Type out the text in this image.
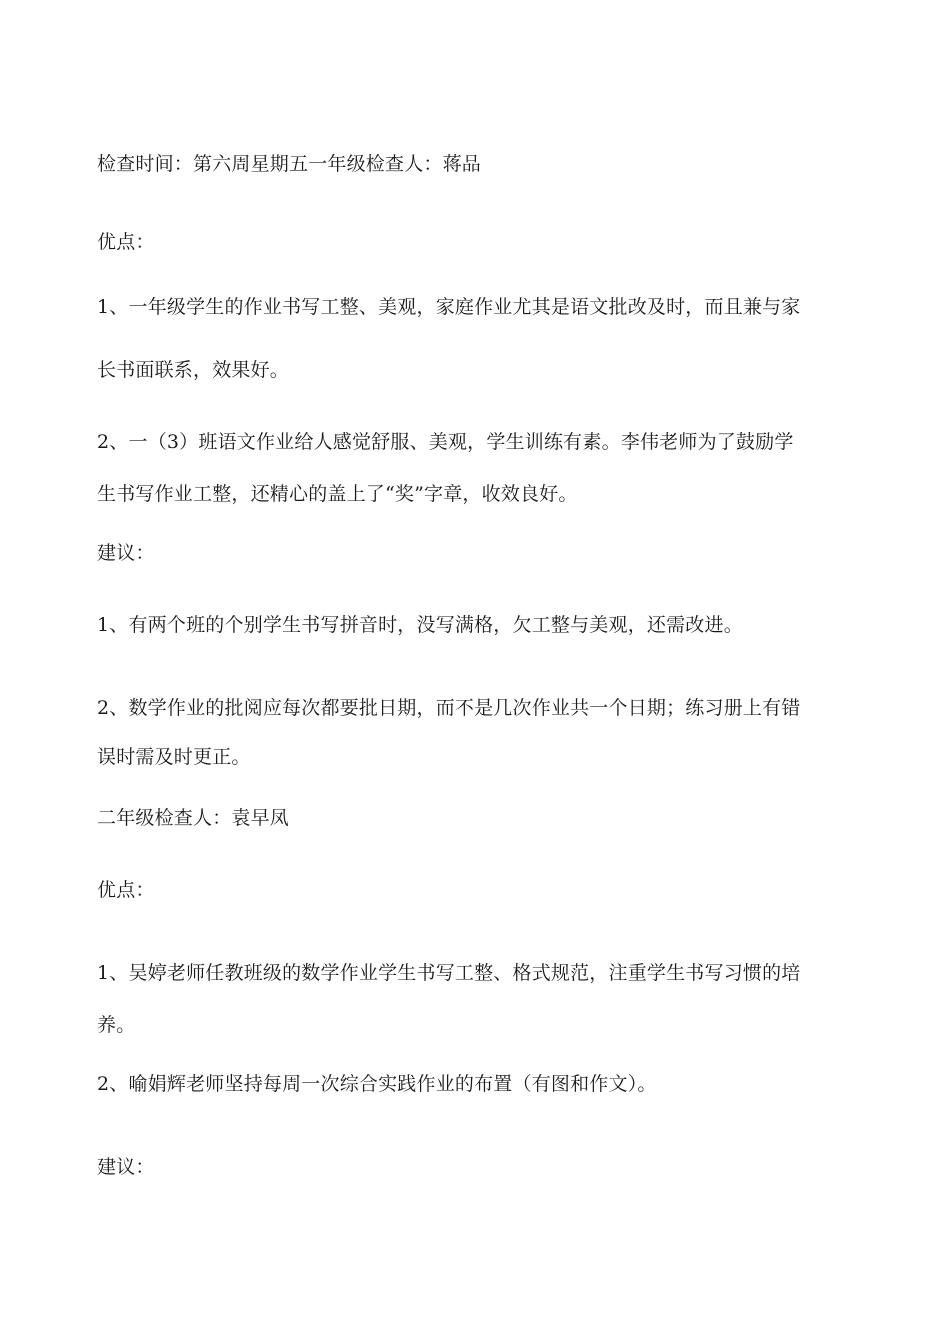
检查时间：第六周星期五一年级检查人：蒋品
优点：
1、一年级学生的作业书写工整、美观，家庭作业尤其是语文批改及时，而且兼与家
长书面联系，效果好。
2、一（3）班语文作业给人感觉舒服、美观，学生训练有素。李伟老师为了鼓励学
生书写作业工整，还精心的盖上了“奖”字章，收效良好。
建议：
1、有两个班的个别学生书写拼音时，没写满格，欠工整与美观，还需改进。
2、数学作业的批阅应每次都要批日期，而不是几次作业共一个日期；练习册上有错
误时需及时更正。
二年级检查人：袁早凤
优点：
1、吴婷老师任教班级的数学作业学生书写工整、格式规范，注重学生书写习惯的培
养。
2、喻娟辉老师坚持每周一次综合实践作业的布置（有图和作文）。
建议：
